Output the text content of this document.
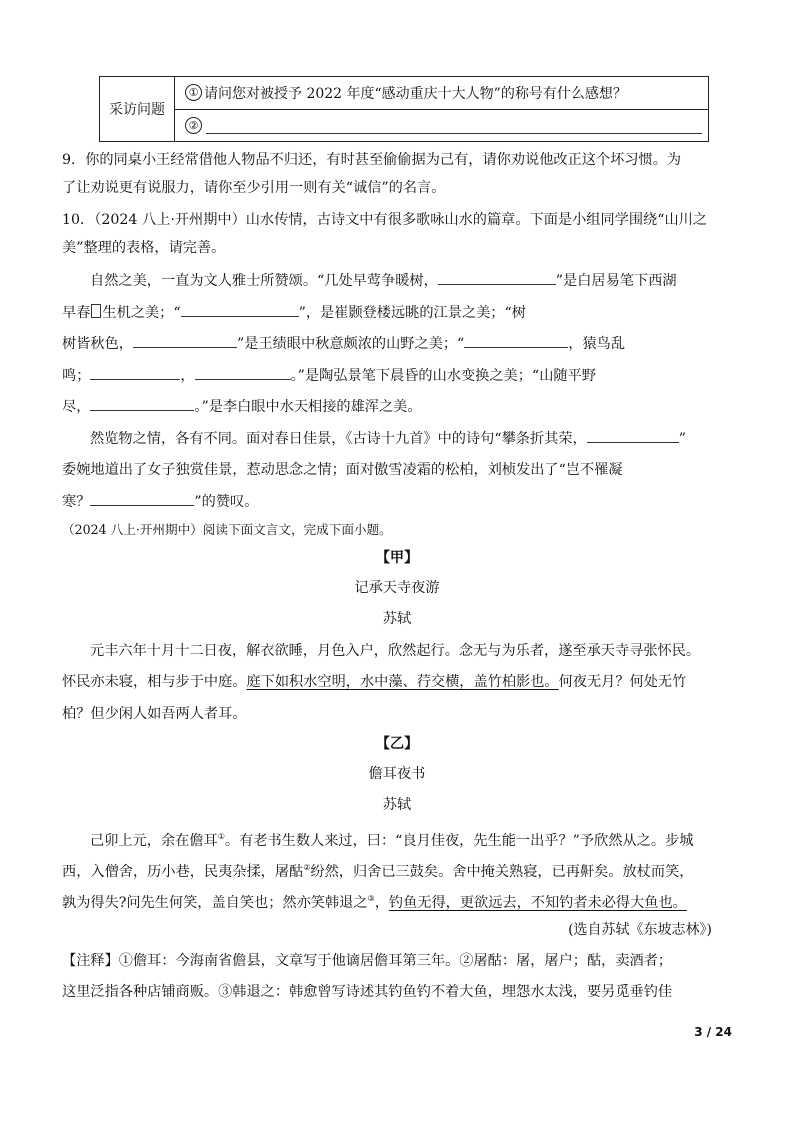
采访问题
① 请问您对被授予 2022 年度“感动重庆十大人物”的称号有什么感想？
②
9．你的同桌小王经常借他人物品不归还，有时甚至偷偷据为己有，请你劝说他改正这个坏习惯。为
了让劝说更有说服力，请你至少引用一则有关“诚信”的名言。
10．（2024 八上·开州期中）山水传情，古诗文中有很多歌咏山水的篇章。下面是小组同学围绕“山川之
美”整理的表格，请完善。
自然之美，一直为文人雅士所赞颂。“几处早莺争暖树，	”是白居易笔下西湖
早春 生机之美；“	”，是崔颢登楼远眺的江景之美；“树
树皆秋色，	”是王绩眼中秋意颇浓的山野之美；“	，猿鸟乱
鸣；	，	。”是陶弘景笔下晨昏的山水变换之美；“山随平野
尽，	。”是李白眼中水天相接的雄浑之美。
然览物之情，各有不同。面对春日佳景，《古诗十九首》中的诗句“攀条折其荣，	”
委婉地道出了女子独赏佳景，惹动思念之情；面对傲雪凌霜的松柏，刘桢发出了“岂不罹凝
寒？	”的赞叹。
（2024 八上·开州期中）阅读下面文言文，完成下面小题。
【甲】
记承天寺夜游
苏轼
元丰六年十月十二日夜，解衣欲睡，月色入户，欣然起行。念无与为乐者，遂至承天寺寻张怀民。
怀民亦未寝，相与步于中庭。庭下如积水空明，水中藻、荇交横，盖竹柏影也。何夜无月？何处无竹
柏？但少闲人如吾两人者耳。
【乙】
儋耳夜书
苏轼
己卯上元，余在儋耳①。有老书生数人来过，曰：“良月佳夜，先生能一出乎？”予欣然从之。步城
西，入僧舍，历小巷，民夷杂揉，屠酤②纷然，归舍已三鼓矣。舍中掩关熟寝，已再鼾矣。放杖而笑，
孰为得失?问先生何笑，盖自笑也；然亦笑韩退之③，钓鱼无得，更欲远去，不知钓者未必得大鱼也。
(选自苏轼《东坡志林》)
【注释】①儋耳：今海南省儋县，文章写于他谪居儋耳第三年。②屠酤：屠，屠户；酤，卖酒者；
这里泛指各种店铺商贩。③韩退之：韩愈曾写诗述其钓鱼钓不着大鱼，埋怨水太浅，要另觅垂钓佳
3 / 24
